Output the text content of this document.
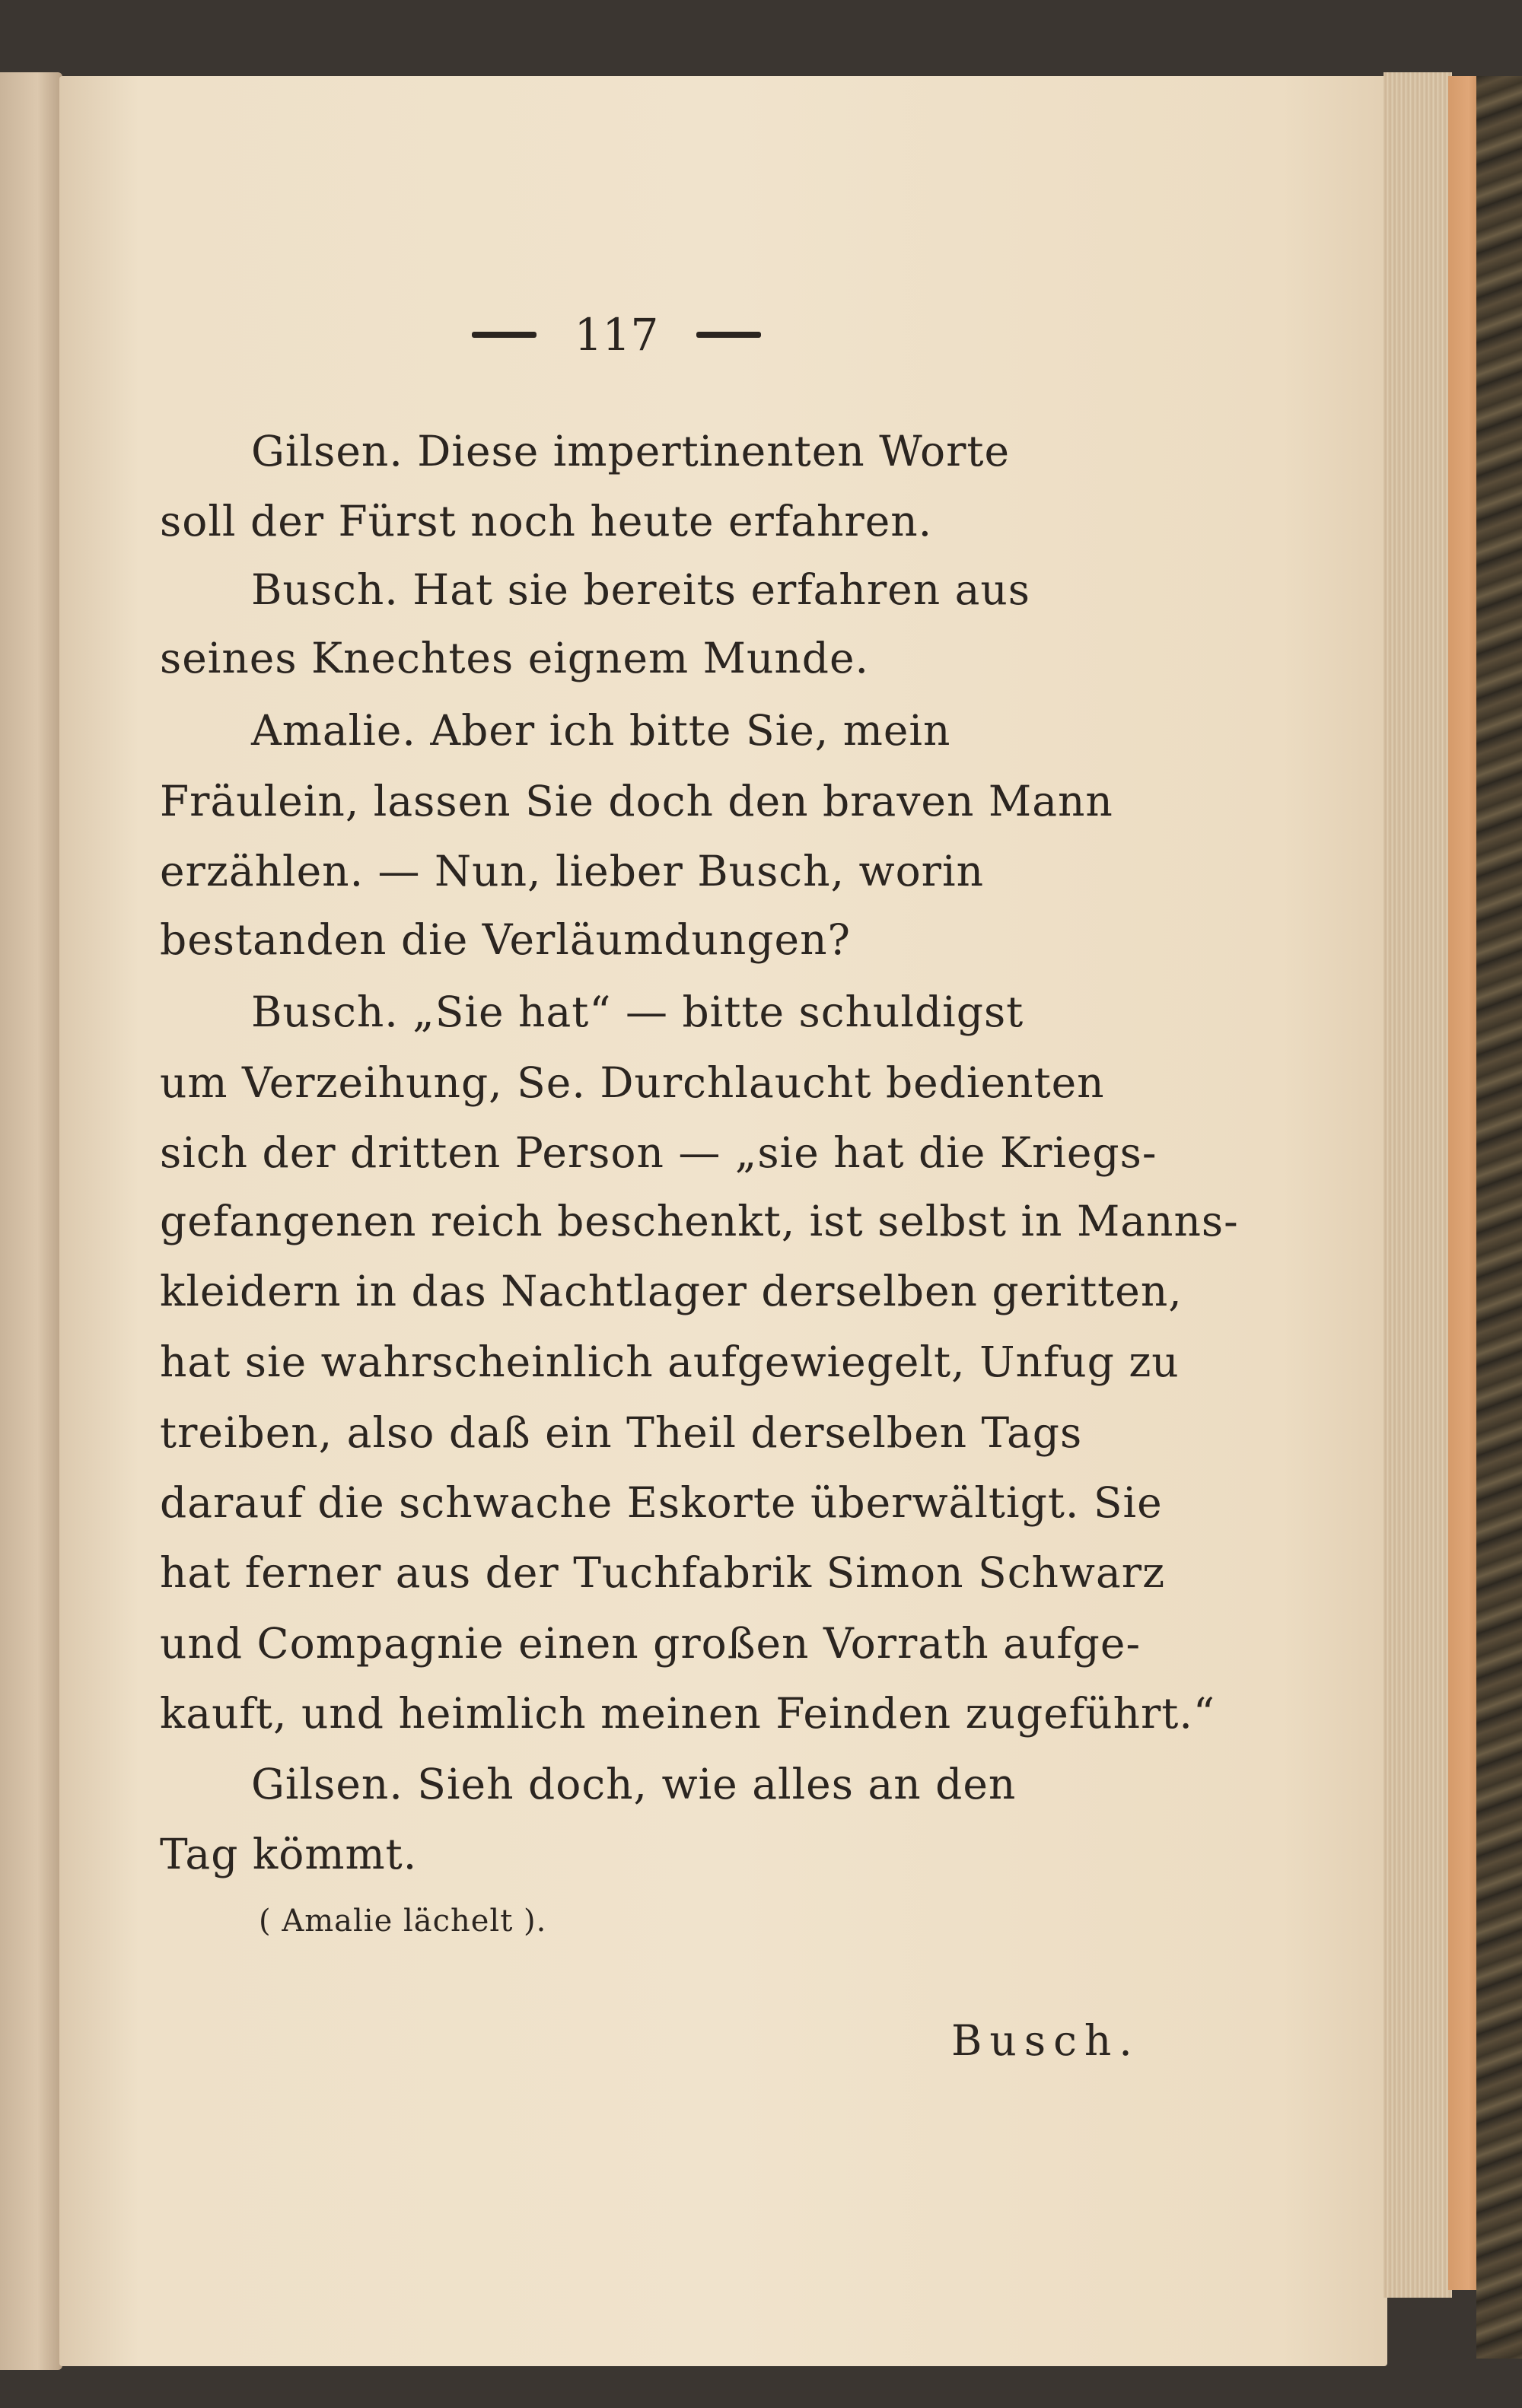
117
Gilsen. Diese impertinenten Worte
soll der Fürst noch heute erfahren.
Busch. Hat sie bereits erfahren aus
seines Knechtes eignem Munde.
Amalie. Aber ich bitte Sie, mein
Fräulein, lassen Sie doch den braven Mann
erzählen. — Nun, lieber Busch, worin
bestanden die Verläumdungen?
Busch. „Sie hat“ — bitte schuldigst
um Verzeihung, Se. Durchlaucht bedienten
sich der dritten Person — „sie hat die Kriegs-
gefangenen reich beschenkt, ist selbst in Manns-
kleidern in das Nachtlager derselben geritten,
hat sie wahrscheinlich aufgewiegelt, Unfug zu
treiben, also daß ein Theil derselben Tags
darauf die schwache Eskorte überwältigt. Sie
hat ferner aus der Tuchfabrik Simon Schwarz
und Compagnie einen großen Vorrath aufge-
kauft, und heimlich meinen Feinden zugeführt.“
Gilsen. Sieh doch, wie alles an den
Tag kömmt.
( Amalie lächelt ).
Busch.
